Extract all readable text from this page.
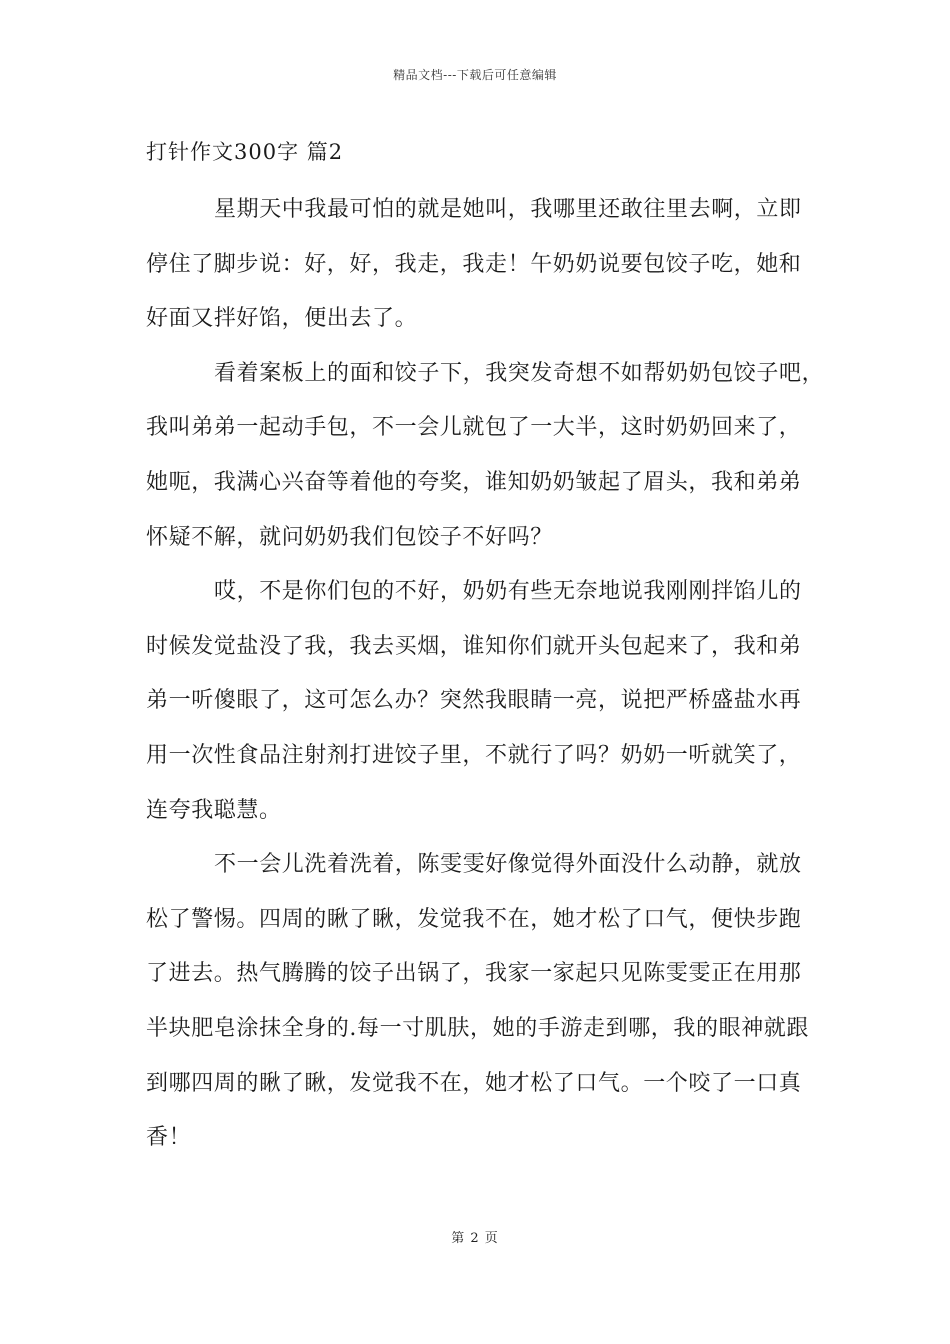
精品文档---下载后可任意编辑
打针作文300字 篇2
星期天中我最可怕的就是她叫，我哪里还敢往里去啊，立即
停住了脚步说：好，好，我走，我走！午奶奶说要包饺子吃，她和
好面又拌好馅，便出去了。
看着案板上的面和饺子下，我突发奇想不如帮奶奶包饺子吧，
我叫弟弟一起动手包，不一会儿就包了一大半，这时奶奶回来了，
她呃，我满心兴奋等着他的夸奖，谁知奶奶皱起了眉头，我和弟弟
怀疑不解，就问奶奶我们包饺子不好吗？
哎，不是你们包的不好，奶奶有些无奈地说我刚刚拌馅儿的
时候发觉盐没了我，我去买烟，谁知你们就开头包起来了，我和弟
弟一听傻眼了，这可怎么办？突然我眼睛一亮，说把严桥盛盐水再
用一次性食品注射剂打进饺子里，不就行了吗？奶奶一听就笑了，
连夸我聪慧。
不一会儿洗着洗着，陈雯雯好像觉得外面没什么动静，就放
松了警惕。四周的瞅了瞅，发觉我不在，她才松了口气，便快步跑
了进去。热气腾腾的饺子出锅了，我家一家起只见陈雯雯正在用那
半块肥皂涂抹全身的.每一寸肌肤，她的手游走到哪，我的眼神就跟
到哪四周的瞅了瞅，发觉我不在，她才松了口气。一个咬了一口真
香！
第 2 页
